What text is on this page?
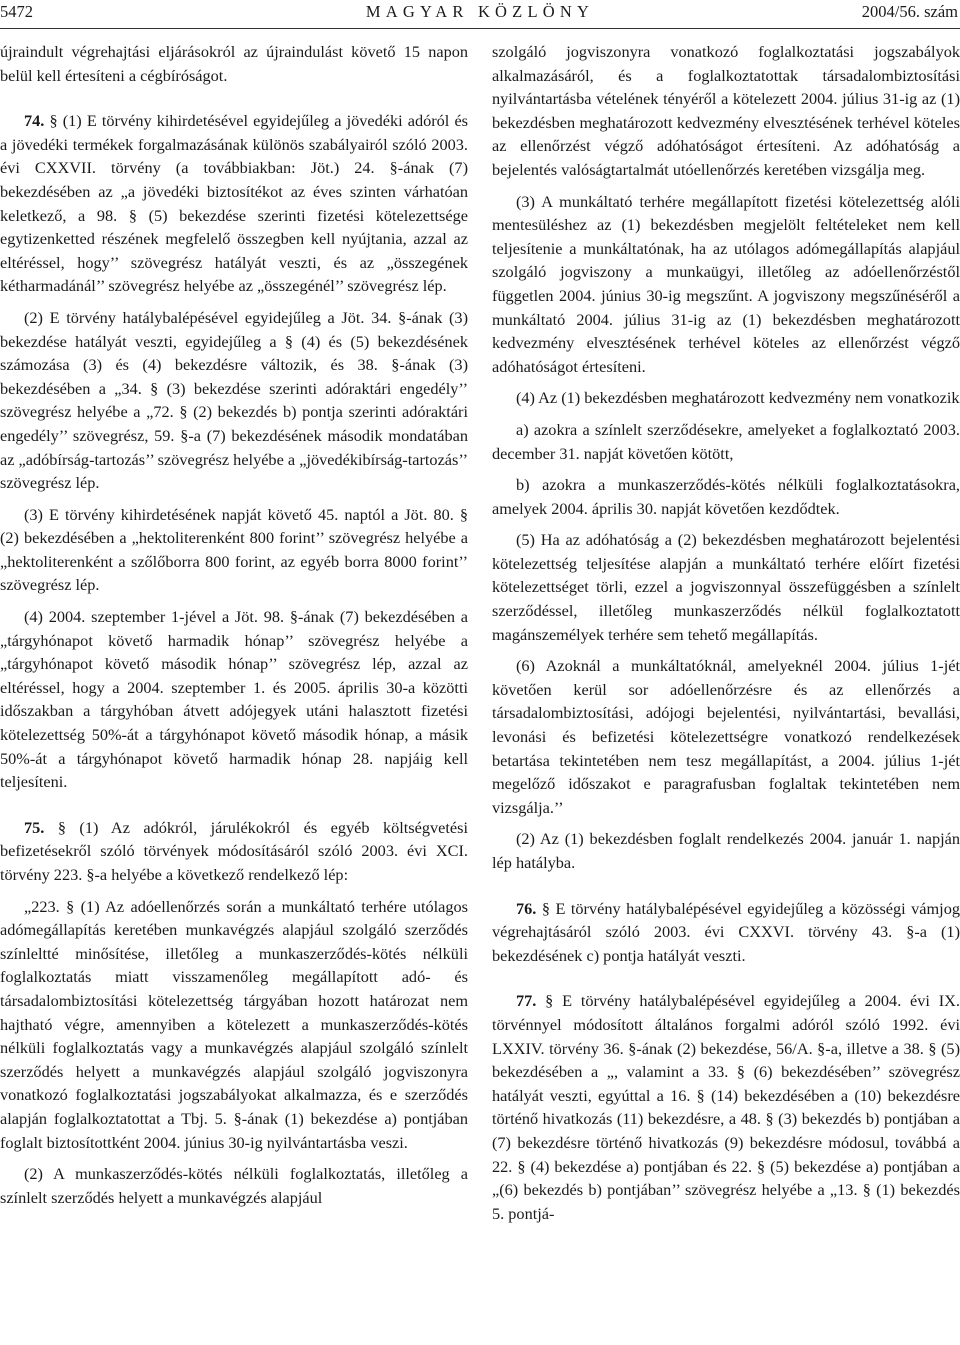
5472	MAGYAR KÖZLÖNY	2004/56. szám

újraindult végrehajtási eljárásokról az újraindulást követő 15 napon belül kell értesíteni a cégbíróságot.

74. § (1) E törvény kihirdetésével egyidejűleg a jövedéki adóról és a jövedéki termékek forgalmazásának különös szabályairól szóló 2003. évi CXXVII. törvény (a továbbiakban: Jöt.) 24. §-ának (7) bekezdésében az „a jövedéki biztosítékot az éves szinten várhatóan keletkező, a 98. § (5) bekezdése szerinti fizetési kötelezettsége egytizenketted részének megfelelő összegben kell nyújtania, azzal az eltéréssel, hogy’’ szövegrész hatályát veszti, és az „összegének kétharmadánál’’ szövegrész helyébe az „összegénél’’ szövegrész lép.

(2) E törvény hatálybalépésével egyidejűleg a Jöt. 34. §-ának (3) bekezdése hatályát veszti, egyidejűleg a § (4) és (5) bekezdésének számozása (3) és (4) bekezdésre változik, és 38. §-ának (3) bekezdésében a „34. § (3) bekezdése szerinti adóraktári engedély’’ szövegrész helyébe a „72. § (2) bekezdés b) pontja szerinti adóraktári engedély’’ szövegrész, 59. §-a (7) bekezdésének második mondatában az „adóbírság-tartozás’’ szövegrész helyébe a „jövedékibírság-tartozás’’ szövegrész lép.

(3) E törvény kihirdetésének napját követő 45. naptól a Jöt. 80. § (2) bekezdésében a „hektoliterenként 800 forint’’ szövegrész helyébe a „hektoliterenként a szőlőborra 800 forint, az egyéb borra 8000 forint’’ szövegrész lép.

(4) 2004. szeptember 1-jével a Jöt. 98. §-ának (7) bekezdésében a „tárgyhónapot követő harmadik hónap’’ szövegrész helyébe a „tárgyhónapot követő második hónap’’ szövegrész lép, azzal az eltéréssel, hogy a 2004. szeptember 1. és 2005. április 30-a közötti időszakban a tárgyhóban átvett adójegyek utáni halasztott fizetési kötelezettség 50%-át a tárgyhónapot követő második hónap, a másik 50%-át a tárgyhónapot követő harmadik hónap 28. napjáig kell teljesíteni.

75. § (1) Az adókról, járulékokról és egyéb költségvetési befizetésekről szóló törvények módosításáról szóló 2003. évi XCI. törvény 223. §-a helyébe a következő rendelkező lép:

„223. § (1) Az adóellenőrzés során a munkáltató terhére utólagos adómegállapítás keretében munkavégzés alapjául szolgáló szerződés színleltté minősítése, illetőleg a munkaszerződés-kötés nélküli foglalkoztatás miatt visszamenőleg megállapított adó- és társadalombiztosítási kötelezettség tárgyában hozott határozat nem hajtható végre, amennyiben a kötelezett a munkaszerződés-kötés nélküli foglalkoztatás vagy a munkavégzés alapjául szolgáló színlelt szerződés helyett a munkavégzés alapjául szolgáló jogviszonyra vonatkozó foglalkoztatási jogszabályokat alkalmazza, és e szerződés alapján foglalkoztatottat a Tbj. 5. §-ának (1) bekezdése a) pontjában foglalt biztosítottként 2004. június 30-ig nyilvántartásba veszi.

(2) A munkaszerződés-kötés nélküli foglalkoztatás, illetőleg a színlelt szerződés helyett a munkavégzés alapjául

szolgáló jogviszonyra vonatkozó foglalkoztatási jogszabályok alkalmazásáról, és a foglalkoztatottak társadalombiztosítási nyilvántartásba vételének tényéről a kötelezett 2004. július 31-ig az (1) bekezdésben meghatározott kedvezmény elvesztésének terhével köteles az ellenőrzést végző adóhatóságot értesíteni. Az adóhatóság a bejelentés valóságtartalmát utóellenőrzés keretében vizsgálja meg.

(3) A munkáltató terhére megállapított fizetési kötelezettség alóli mentesüléshez az (1) bekezdésben megjelölt feltételeket nem kell teljesítenie a munkáltatónak, ha az utólagos adómegállapítás alapjául szolgáló jogviszony a munkaügyi, illetőleg az adóellenőrzéstől független 2004. június 30-ig megszűnt. A jogviszony megszűnéséről a munkáltató 2004. július 31-ig az (1) bekezdésben meghatározott kedvezmény elvesztésének terhével köteles az ellenőrzést végző adóhatóságot értesíteni.

(4) Az (1) bekezdésben meghatározott kedvezmény nem vonatkozik

a) azokra a színlelt szerződésekre, amelyeket a foglalkoztató 2003. december 31. napját követően kötött,

b) azokra a munkaszerződés-kötés nélküli foglalkoztatásokra, amelyek 2004. április 30. napját követően kezdődtek.

(5) Ha az adóhatóság a (2) bekezdésben meghatározott bejelentési kötelezettség teljesítése alapján a munkáltató terhére előírt fizetési kötelezettséget törli, ezzel a jogviszonnyal összefüggésben a színlelt szerződéssel, illetőleg munkaszerződés nélkül foglalkoztatott magánszemélyek terhére sem tehető megállapítás.

(6) Azoknál a munkáltatóknál, amelyeknél 2004. július 1-jét követően kerül sor adóellenőrzésre és az ellenőrzés a társadalombiztosítási, adójogi bejelentési, nyilvántartási, bevallási, levonási és befizetési kötelezettségre vonatkozó rendelkezések betartása tekintetében nem tesz megállapítást, a 2004. július 1-jét megelőző időszakot e paragrafusban foglaltak tekintetében nem vizsgálja.’’

(2) Az (1) bekezdésben foglalt rendelkezés 2004. január 1. napján lép hatályba.

76. § E törvény hatálybalépésével egyidejűleg a közösségi vámjog végrehajtásáról szóló 2003. évi CXXVI. törvény 43. §-a (1) bekezdésének c) pontja hatályát veszti.

77. § E törvény hatálybalépésével egyidejűleg a 2004. évi IX. törvénnyel módosított általános forgalmi adóról szóló 1992. évi LXXIV. törvény 36. §-ának (2) bekezdése, 56/A. §-a, illetve a 38. § (5) bekezdésében a „, valamint a 33. § (6) bekezdésében’’ szövegrész hatályát veszti, egyúttal a 16. § (14) bekezdésében a (10) bekezdésre történő hivatkozás (11) bekezdésre, a 48. § (3) bekezdés b) pontjában a (7) bekezdésre történő hivatkozás (9) bekezdésre módosul, továbbá a 22. § (4) bekezdése a) pontjában és 22. § (5) bekezdése a) pontjában a „(6) bekezdés b) pontjában’’ szövegrész helyébe a „13. § (1) bekezdés 5. pontjá-
